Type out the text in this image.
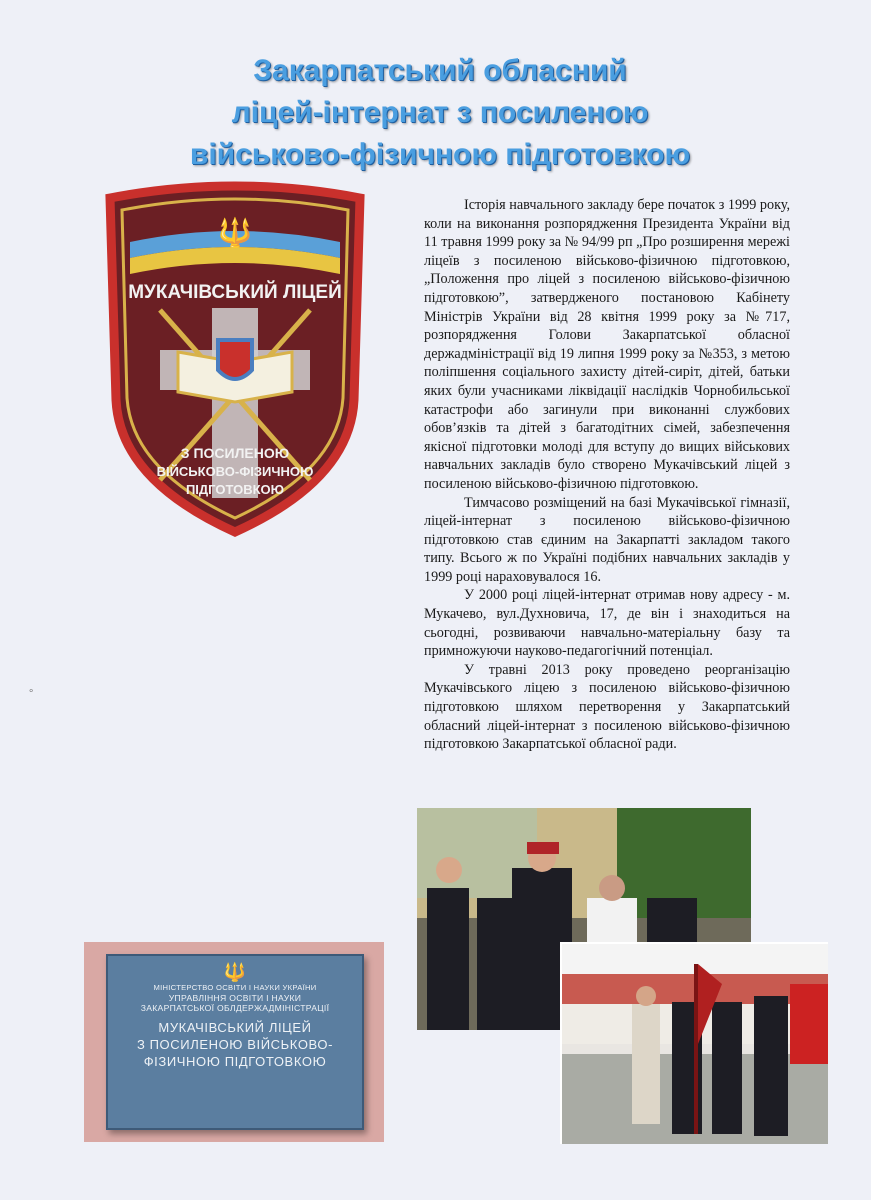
Закарпатський обласний
ліцей-інтернат з посиленою
військово-фізичною підготовкою
🔱
МУКАЧІВСЬКИЙ ЛІЦЕЙ
З ПОСИЛЕНОЮ
ВІЙСЬКОВО-ФІЗИЧНОЮ
ПІДГОТОВКОЮ

Історія навчального закладу бере початок з 1999 року, коли на виконання розпорядження Президента України від 11 травня 1999 року за № 94/99 рп „Про розширення мережі ліцеїв з посиленою військово-фізичною підготовкою, „Положення про ліцей з посиленою військово-фізичною підготовкою”, затвердженого постановою Кабінету Міністрів України від 28 квітня 1999 року за №717, розпорядження Голови Закарпатської обласної держадміністрації від 19 липня 1999 року за №353, з метою поліпшення соціального захисту дітей-сиріт, дітей, батьки яких були учасниками ліквідації наслідків Чорнобильської катастрофи або загинули при виконанні службових обов’язків та дітей з багатодітних сімей, забезпечення якісної підготовки молоді для вступу до вищих військових навчальних закладів було створено Мукачівський ліцей з посиленою військово-фізичною підготовкою.

Тимчасово розміщений на базі Мукачівської гімназії, ліцей-інтернат з посиленою військово-фізичною підготовкою став єдиним на Закарпатті закладом такого типу. Всього ж по Україні подібних навчальних закладів у 1999 році нараховувалося 16.

У 2000 році ліцей-інтернат отримав нову адресу - м. Мукачево, вул.Духновича, 17, де він і знаходиться на сьогодні, розвиваючи навчально-матеріальну базу та примножуючи науково-педагогічний потенціал.

У травні 2013 року проведено реорганізацію Мукачівського ліцею з посиленою військово-фізичною підготовкою шляхом перетворення у Закарпатський обласний ліцей-інтернат з посиленою військово-фізичною підготовкою Закарпатської обласної ради.

∘
🔱
МІНІСТЕРСТВО ОСВІТИ І НАУКИ УКРАЇНИ
УПРАВЛІННЯ ОСВІТИ І НАУКИ
ЗАКАРПАТСЬКОЇ ОБЛДЕРЖАДМІНІСТРАЦІЇ
МУКАЧІВСЬКИЙ ЛІЦЕЙ
З ПОСИЛЕНОЮ ВІЙСЬКОВО-
ФІЗИЧНОЮ ПІДГОТОВКОЮ
